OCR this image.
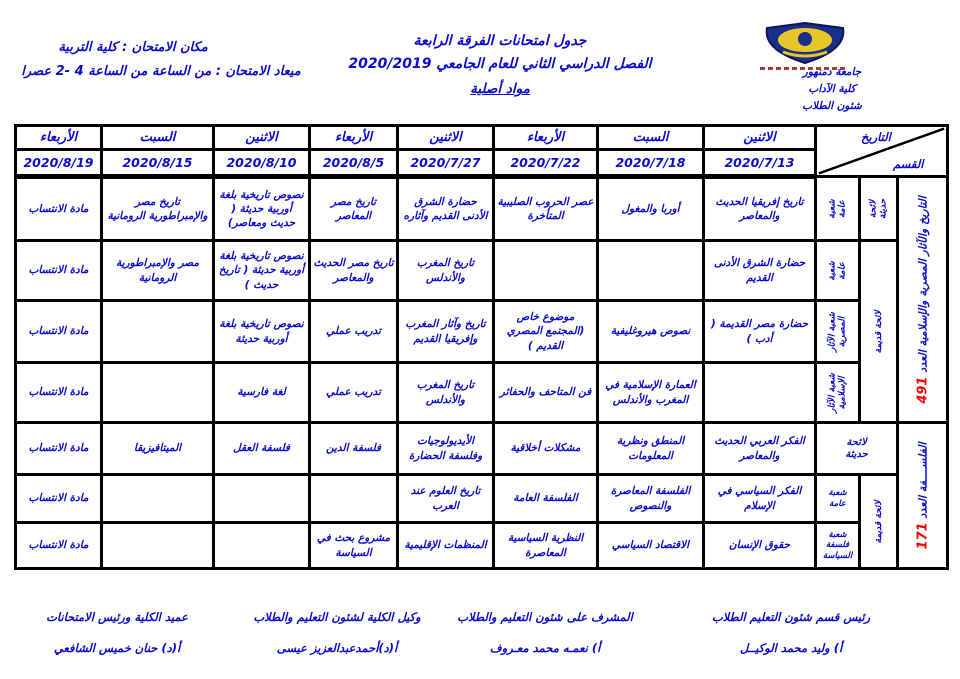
جامعة دمنهور
كلية الآداب
شئون الطلاب
جدول امتحانات الفرقة الرابعة
الفصل الدراسي الثاني للعام الجامعي 2020/2019
مواد أصلية
مكان الامتحان : كلية التربية
ميعاد الامتحان : من الساعة من الساعة ‎2- 4‎ عصرا
التاريخ
القسم			الاثنين	السبت	الأربعاء	الاثنين	الأربعاء	الاثنين	السبت	الأربعاء
			2020/7/13	2020/7/18	2020/7/22	2020/7/27	2020/8/5	2020/8/10	2020/8/15	2020/8/19

التاريخ والآثار المصرية والإسلامية العدد 491	لائحة حديثة	شعبة عامة	تاريخ إفريقيا الحديث والمعاصر	أوربا والمغول	عصر الحروب الصليبية المتأخرة	حضارة الشرق الأدنى القديم وآثاره	تاريخ مصر المعاصر	نصوص تاريخية بلغة أوربية حديثة ( حديث ومعاصر)	تاريخ مصر والإمبراطورية الرومانية	مادة الانتساب

	لائحة قديمة	شعبة عامة	حضارة الشرق الأدنى القديم			تاريخ المغرب والأندلس	تاريخ مصر الحديث والمعاصر	نصوص تاريخية بلغة أوربية حديثة ( تاريخ حديث )	مصر والإمبراطورية الرومانية	مادة الانتساب

		شعبة الآثار المصرية	حضارة مصر القديمة ( أدب )	نصوص هيروغليفية	موضوع خاص (المجتمع المصري القديم )	تاريخ وآثار المغرب وإفريقيا القديم	تدريب عملي	نصوص تاريخية بلغة أوربية حديثة		مادة الانتساب

		شعبة الآثار الإسلامية		العمارة الإسلامية في المغرب والأندلس	فن المتاحف والحفائر	تاريخ المغرب والأندلس	تدريب عملي	لغة فارسية		مادة الانتساب

الفلســــفة العدد 171	لائحة حديثة		الفكر العربي الحديث والمعاصر	المنطق ونظرية المعلومات	مشكلات أخلاقية	الأيديولوجيات وفلسفة الحضارة	فلسفة الدين	فلسفة العقل	الميتافيزيقا	مادة الانتساب

	لائحة قديمة	شعبة عامة	الفكر السياسي في الإسلام	الفلسفة المعاصرة والنصوص	الفلسفة العامة	تاريخ العلوم عند العرب				مادة الانتساب
		شعبة فلسفة السياسة	حقوق الإنسان	الاقتصاد السياسي	النظرية السياسية المعاصرة	المنظمات الإقليمية	مشروع بحث في السياسة			مادة الانتساب
رئيس قسم شئون التعليم الطلاب
أ) وليد محمد الوكيــل
المشرف على شئون التعليم والطلاب
أ) نعمـه محمد معـروف
وكيل الكلية لشئون التعليم والطلاب
أ(د)أحمدعبدالعزيز عيسى
عميد الكلية ورئيس الامتحانات
أ(د) حنان خميس الشافعي
